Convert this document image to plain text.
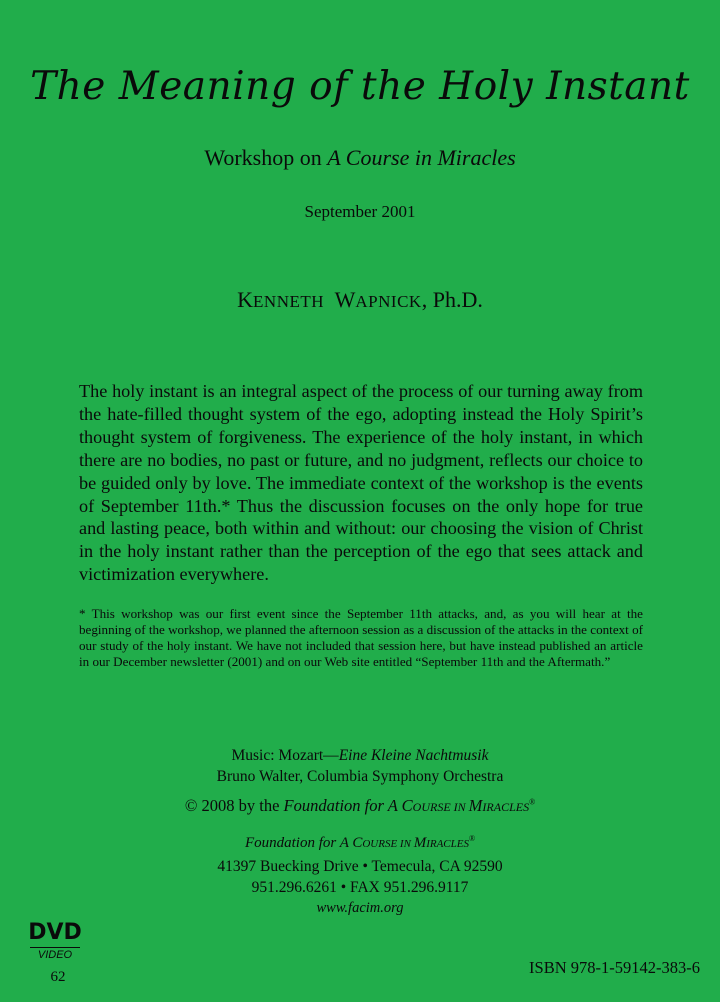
The Meaning of the Holy Instant
Workshop on A Course in Miracles
September 2001
KENNETH WAPNICK, Ph.D.

The holy instant is an integral aspect of the process of our turning away from the hate-filled thought system of the ego, adopting instead the Holy Spirit’s thought system of forgiveness. The experience of the holy instant, in which there are no bodies, no past or future, and no judgment, reflects our choice to be guided only by love. The immediate context of the workshop is the events of September 11th.* Thus the discussion focuses on the only hope for true and lasting peace, both within and without: our choosing the vision of Christ in the holy instant rather than the perception of the ego that sees attack and victimization everywhere.

* This workshop was our first event since the September 11th attacks, and, as you will hear at the beginning of the workshop, we planned the afternoon session as a discussion of the attacks in the context of our study of the holy instant. We have not included that session here, but have instead published an article in our December newsletter (2001) and on our Web site entitled “September 11th and the Aftermath.”

Music: Mozart—Eine Kleine Nachtmusik
Bruno Walter, Columbia Symphony Orchestra
© 2008 by the Foundation for A COURSE IN MIRACLES®
Foundation for A COURSE IN MIRACLES®
41397 Buecking Drive • Temecula, CA 92590
951.296.6261 • FAX 951.296.9117
www.facim.org
DVD
VIDEO
62	ISBN 978-1-59142-383-6
